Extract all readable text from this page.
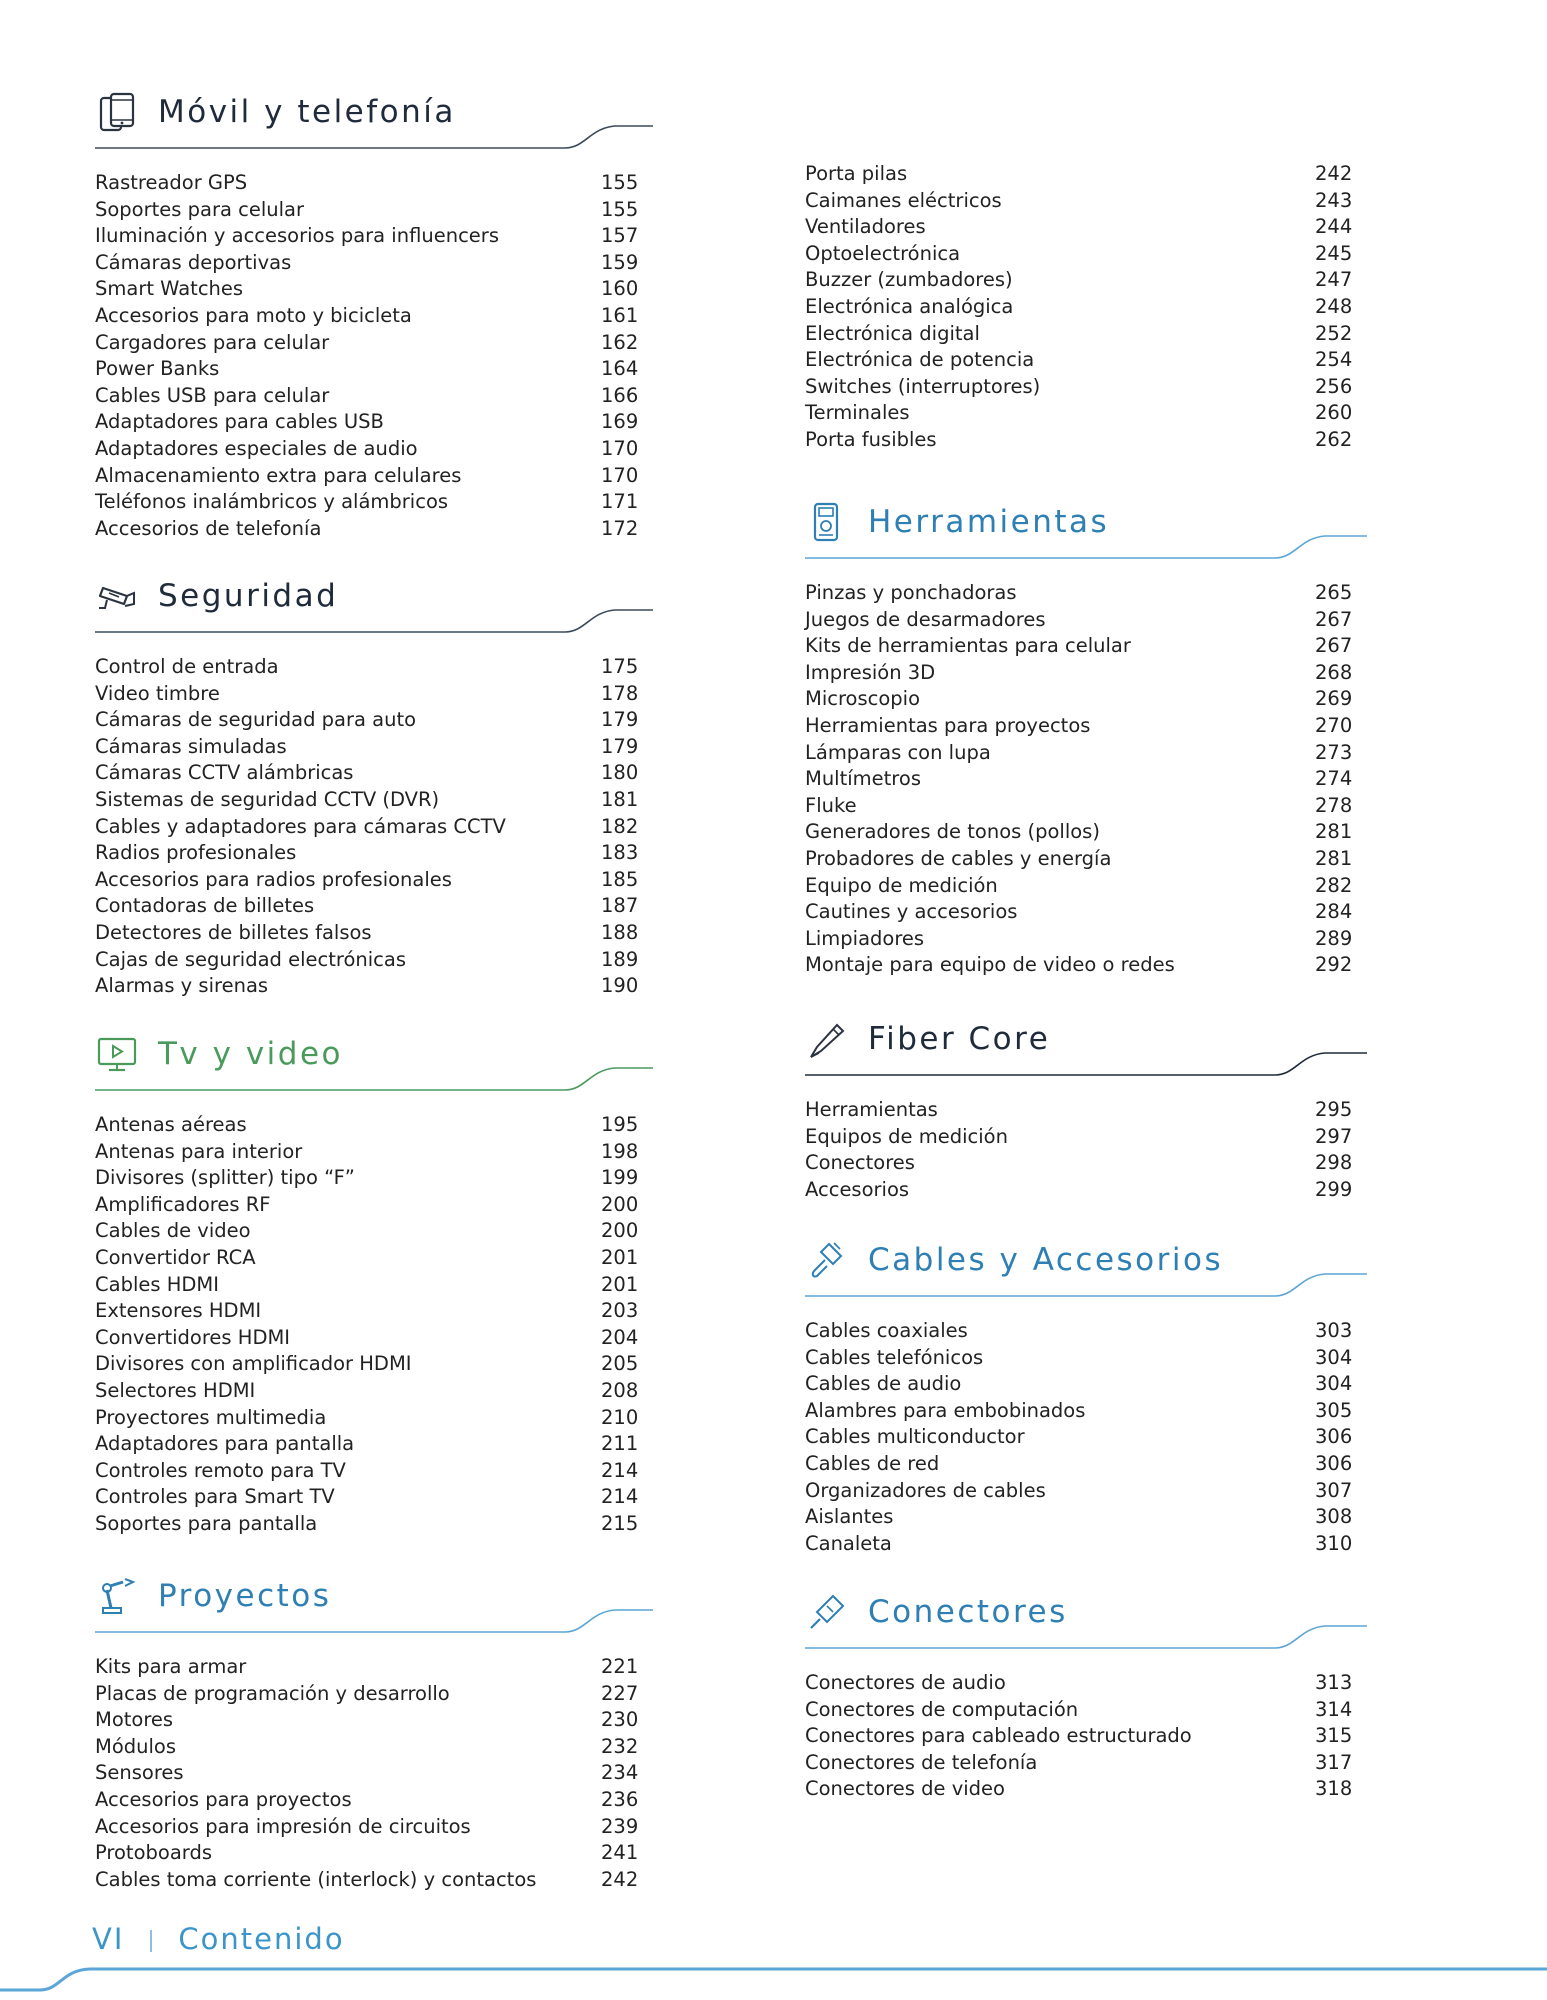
Móvil y telefonía
Rastreador GPS	155
Soportes para celular	155
Iluminación y accesorios para influencers	157
Cámaras deportivas	159
Smart Watches	160
Accesorios para moto y bicicleta	161
Cargadores para celular	162
Power Banks	164
Cables USB para celular	166
Adaptadores para cables USB	169
Adaptadores especiales de audio	170
Almacenamiento extra para celulares	170
Teléfonos inalámbricos y alámbricos	171
Accesorios de telefonía	172
Seguridad
Control de entrada	175
Video timbre	178
Cámaras de seguridad para auto	179
Cámaras simuladas	179
Cámaras CCTV alámbricas	180
Sistemas de seguridad CCTV (DVR)	181
Cables y adaptadores para cámaras CCTV	182
Radios profesionales	183
Accesorios para radios profesionales	185
Contadoras de billetes	187
Detectores de billetes falsos	188
Cajas de seguridad electrónicas	189
Alarmas y sirenas	190
Tv y video
Antenas aéreas	195
Antenas para interior	198
Divisores (splitter) tipo “F”	199
Amplificadores RF	200
Cables de video	200
Convertidor RCA	201
Cables HDMI	201
Extensores HDMI	203
Convertidores HDMI	204
Divisores con amplificador HDMI	205
Selectores HDMI	208
Proyectores multimedia	210
Adaptadores para pantalla	211
Controles remoto para TV	214
Controles para Smart TV	214
Soportes para pantalla	215
Proyectos
Kits para armar	221
Placas de programación y desarrollo	227
Motores	230
Módulos	232
Sensores	234
Accesorios para proyectos	236
Accesorios para impresión de circuitos	239
Protoboards	241
Cables toma corriente (interlock) y contactos	242
Porta pilas	242
Caimanes eléctricos	243
Ventiladores	244
Optoelectrónica	245
Buzzer (zumbadores)	247
Electrónica analógica	248
Electrónica digital	252
Electrónica de potencia	254
Switches (interruptores)	256
Terminales	260
Porta fusibles	262
Herramientas
Pinzas y ponchadoras	265
Juegos de desarmadores	267
Kits de herramientas para celular	267
Impresión 3D	268
Microscopio	269
Herramientas para proyectos	270
Lámparas con lupa	273
Multímetros	274
Fluke	278
Generadores de tonos (pollos)	281
Probadores de cables y energía	281
Equipo de medición	282
Cautines y accesorios	284
Limpiadores	289
Montaje para equipo de video o redes	292
Fiber Core
Herramientas	295
Equipos de medición	297
Conectores	298
Accesorios	299
Cables y Accesorios
Cables coaxiales	303
Cables telefónicos	304
Cables de audio	304
Alambres para embobinados	305
Cables multiconductor	306
Cables de red	306
Organizadores de cables	307
Aislantes	308
Canaleta	310
Conectores
Conectores de audio	313
Conectores de computación	314
Conectores para cableado estructurado	315
Conectores de telefonía	317
Conectores de video	318
VI Contenido
